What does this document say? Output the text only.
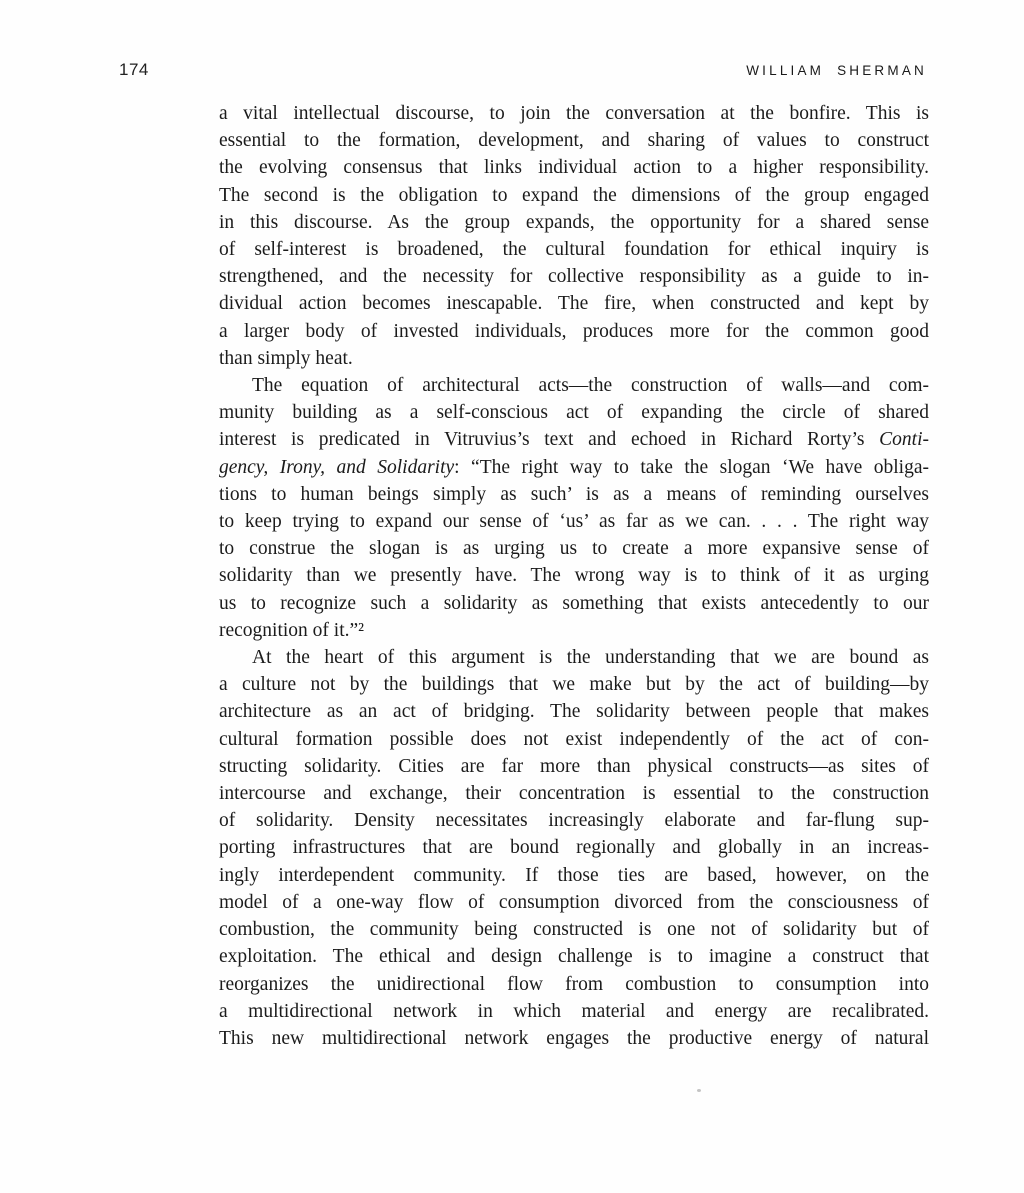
174	WILLIAM SHERMAN
a vital intellectual discourse, to join the conversation at the bonfire. This is
essential to the formation, development, and sharing of values to construct
the evolving consensus that links individual action to a higher responsibility.
The second is the obligation to expand the dimensions of the group engaged
in this discourse. As the group expands, the opportunity for a shared sense
of self-interest is broadened, the cultural foundation for ethical inquiry is
strengthened, and the necessity for collective responsibility as a guide to in-
dividual action becomes inescapable. The fire, when constructed and kept by
a larger body of invested individuals, produces more for the common good
than simply heat.
The equation of architectural acts—the construction of walls—and com-
munity building as a self-conscious act of expanding the circle of shared
interest is predicated in Vitruvius’s text and echoed in Richard Rorty’s Conti-
gency, Irony, and Solidarity: “The right way to take the slogan ‘We have obliga-
tions to human beings simply as such’ is as a means of reminding ourselves
to keep trying to expand our sense of ‘us’ as far as we can. . . . The right way
to construe the slogan is as urging us to create a more expansive sense of
solidarity than we presently have. The wrong way is to think of it as urging
us to recognize such a solidarity as something that exists antecedently to our
recognition of it.”²
At the heart of this argument is the understanding that we are bound as
a culture not by the buildings that we make but by the act of building—by
architecture as an act of bridging. The solidarity between people that makes
cultural formation possible does not exist independently of the act of con-
structing solidarity. Cities are far more than physical constructs—as sites of
intercourse and exchange, their concentration is essential to the construction
of solidarity. Density necessitates increasingly elaborate and far-flung sup-
porting infrastructures that are bound regionally and globally in an increas-
ingly interdependent community. If those ties are based, however, on the
model of a one-way flow of consumption divorced from the consciousness of
combustion, the community being constructed is one not of solidarity but of
exploitation. The ethical and design challenge is to imagine a construct that
reorganizes the unidirectional flow from combustion to consumption into
a multidirectional network in which material and energy are recalibrated.
This new multidirectional network engages the productive energy of natural
